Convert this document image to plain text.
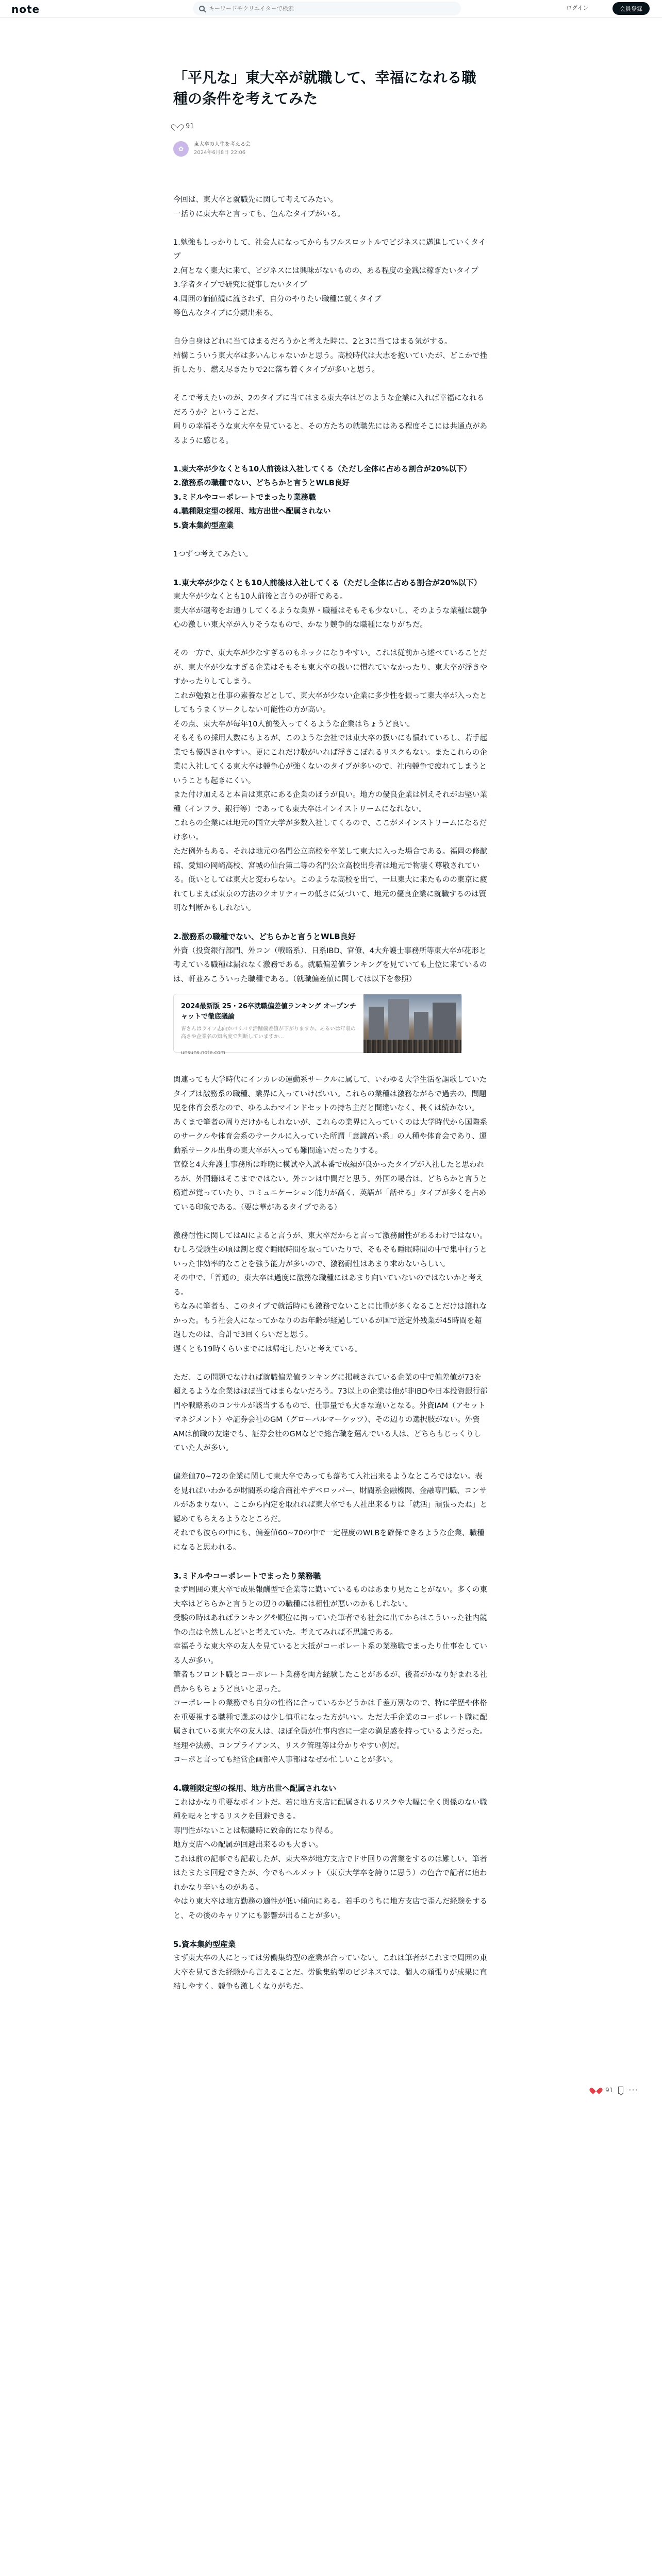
note
キーワードやクリエイターで検索	ログイン	会員登録
「平凡な」東大卒が就職して、幸福になれる職種の条件を考えてみた
91
✿
東大卒の人生を考える会
2024年6月8日 22:06

今回は、東大卒と就職先に関して考えてみたい。
一括りに東大卒と言っても、色んなタイプがいる。

1.勉強もしっかりして、社会人になってからもフルスロットルでビジネスに邁進していくタイプ
2.何となく東大に来て、ビジネスには興味がないものの、ある程度の金銭は稼ぎたいタイプ
3.学者タイプで研究に従事したいタイプ
4.周囲の価値観に流されず、自分のやりたい職種に就くタイプ
等色んなタイプに分類出来る。

自分自身はどれに当てはまるだろうかと考えた時に、2と3に当てはまる気がする。
結構こういう東大卒は多いんじゃないかと思う。高校時代は大志を抱いていたが、どこかで挫折したり、燃え尽きたりで2に落ち着くタイプが多いと思う。

そこで考えたいのが、2のタイプに当てはまる東大卒はどのような企業に入れば幸福になれるだろうか？ということだ。
周りの幸福そうな東大卒を見ていると、その方たちの就職先にはある程度そこには共通点があるように感じる。

1.東大卒が少なくとも10人前後は入社してくる（ただし全体に占める割合が20%以下）

2.激務系の職種でない、どちらかと言うとWLB良好

3.ミドルやコーポレートでまったり業務職

4.職種限定型の採用、地方出世へ配属されない

5.資本集約型産業

1つずつ考えてみたい。

1.東大卒が少なくとも10人前後は入社してくる（ただし全体に占める割合が20%以下）

東大卒が少なくとも10人前後と言うのが肝である。
東大卒が選考をお通りしてくるような業界・職種はそもそも少ないし、そのような業種は競争心の激しい東大卒が入りそうなもので、かなり競争的な職種になりがちだ。

その一方で、東大卒が少なすぎるのもネックになりやすい。これは従前から述べていることだが、東大卒が少なすぎる企業はそもそも東大卒の扱いに慣れていなかったり、東大卒が浮きやすかったりしてしまう。
これが勉強と仕事の素養などとして、東大卒が少ない企業に多少性を振って東大卒が入ったとしてもうまくワークしない可能性の方が高い。
その点、東大卒が毎年10人前後入ってくるような企業はちょうど良い。
そもそもの採用人数にもよるが、このような会社では東大卒の扱いにも慣れているし、若手起業でも優遇されやすい。更にこれだけ数がいれば浮きこぼれるリスクもない。またこれらの企業に入社してくる東大卒は競争心が強くないのタイプが多いので、社内競争で疲れてしまうということも起きにくい。
また付け加えると本旨は東京にある企業のほうが良い。地方の優良企業は例えそれがお堅い業種（インフラ、銀行等）であっても東大卒はインイストリームになれない。
これらの企業には地元の国立大学が多数入社してくるので、ここがメインストリームになるだけ多い。
ただ例外もある。それは地元の名門公立高校を卒業して東大に入った場合である。福岡の修猷館、愛知の岡崎高校、宮城の仙台第二等の名門公立高校出身者は地元で物凄く尊敬されている。低いとしては東大と変わらない。このような高校を出て、一旦東大に来たものの東京に疲れてしまえば東京の方法のクオリティーの低さに気づいて、地元の優良企業に就職するのは賢明な判断かもしれない。

2.激務系の職種でない、どちらかと言うとWLB良好

外資（投資銀行部門、外コン（戦略系）、日系IBD、官僚、4大弁護士事務所等東大卒が花形と考えている職種は漏れなく激務である。就職偏差値ランキングを見ていても上位に来ているのは、軒並みこういった職種である。（就職偏差値に関しては以下を参照）

2024最新版 25・26卒就職偏差値ランキング オープンチャットで徹底議論
皆さんはライフ志向かバリバリ活躍偏差値が下がりますか。あるいは年収の高さや企業名の知名度で判断していますか...
unsuns.note.com

関連っても大学時代にインカレの運動系サークルに属して、いわゆる大学生活を謳歌していたタイプは激務系の職種、業界に入っていけばいい。これらの業種は激務ながらで過去の、問題児を体育会系なので、ゆるふわマインドセットの持ち主だと間違いなく、長くは続かない。
あくまで筆者の周りだけかもしれないが、これらの業界に入っていくのは大学時代から国際系のサークルや体育会系のサークルに入っていた所謂「意識高い系」の人種や体育会であり、運動系サークル出身の東大卒が入っても難問違いだったりする。
官僚と4大弁護士事務所は昨晩に模試や入試本番で成績が良かったタイプが入社したと思われるが、外国籍はそこまでではない。外コンは中間だと思う。外国の場合は、どちらかと言うと筋道が覚っていたり、コミュニケーション能力が高く、英語が「話せる」タイプが多くを占めている印象である。（要は華があるタイプである）

激務耐性に関してはAIによると言うが、東大卒だからと言って激務耐性があるわけではない。むしろ受験生の頃は割と疲ぐ睡眠時間を取っていたりで、そもそも睡眠時間の中で集中行うといった非効率的なことを強う能力が多いので、激務耐性はあまり求めないらしい。
その中で、「普通の」東大卒は過度に激務な職種にはあまり向いていないのではないかと考える。
ちなみに筆者も、このタイプで就活時にも激務でないことに比重が多くなることだけは譲れなかった。もう社会人になってかなりのお年齢が経過しているが国で送定外残業が45時間を超過したのは、合計で3回くらいだと思う。
遅くとも19時くらいまでには帰宅したいと考えている。

ただ、この問題でなければ就職偏差値ランキングに掲載されている企業の中で偏差値が73を超えるような企業はほぼ当てはまらないだろう。73以上の企業は他が非IBDや日本投資銀行部門や戦略系のコンサルが該当するもので、仕事量でも大きな違いとなる。外資IAM（アセットマネジメント）や証券会社のGM（グローバルマーケッツ）、その辺りの選択肢がない。外資AMは前職の友達でも、証券会社のGMなどで総合職を選んでいる人は、どちらもじっくりしていた人が多い。

偏差値70~72の企業に関して東大卒であっても落ちて入社出来るようなところではない。表を見ればいわかるが財閥系の総合商社やデベロッパー、財閥系金融機関、金融専門職、コンサルがあまりない、ここから内定を取れれば東大卒でも人社出来るりは「就活」頑張ったね」と認めてもらえるようなところだ。
それでも彼らの中にも、偏差値60~70の中で一定程度のWLBを確保できるような企業、職種になると思われる。

3.ミドルやコーポレートでまったり業務職

まず周囲の東大卒で成果報酬型で企業等に勤いているものはあまり見たことがない。多くの東大卒はどちらかと言うとの辺りの職種には相性が悪いのかもしれない。
受験の時はあればランキングや順位に拘っていた筆者でも社会に出てからはこういった社内競争の点は全然しんどいと考えていた。考えてみれば不思議である。
幸福そうな東大卒の友人を見ていると大抵がコーポレート系の業務職でまったり仕事をしている人が多い。
筆者もフロント職とコーポレート業務を両方経験したことがあるが、後者がかなり好まれる社員からもちょうど良いと思った。
コーポレートの業務でも自分の性格に合っているかどうかは千差万別なので、特に学歴や体格を重要視する職種で選ぶのは少し慎重になった方がいい。ただ大手企業のコーポレート職に配属されている東大卒の友人は、ほぼ全員が仕事内容に一定の満足感を持っているようだった。
経理や法務、コンプライアンス、リスク管理等は分かりやすい例だ。
コーポと言っても経営企画部や人事部はなぜか忙しいことが多い。

4.職種限定型の採用、地方出世へ配属されない

これはかなり重要なポイントだ。若に地方支店に配属されるリスクや大幅に全く関係のない職種を転々とするリスクを回避できる。
専門性がないことは転職時に致命的になり得る。
地方支店への配属が回避出来るのも大きい。
これは前の記事でも記載したが、東大卒が地方支店でドサ回りの営業をするのは難しい。筆者はたまたま回避できたが、今でもヘルメット（東京大学卒を誇りに思う）の色合で記者に追われかなり辛いものがある。
やはり東大卒は地方勤務の適性が低い傾向にある。若手のうちに地方支店で歪んだ経験をすると、その後のキャリアにも影響が出ることが多い。

5.資本集約型産業

まず東大卒の人にとっては労働集約型の産業が合っていない。これは筆者がこれまで周囲の東大卒を見てきた経験から言えることだ。労働集約型のビジネスでは、個人の頑張りが成果に直結しやすく、競争も激しくなりがちだ。

91 ···
